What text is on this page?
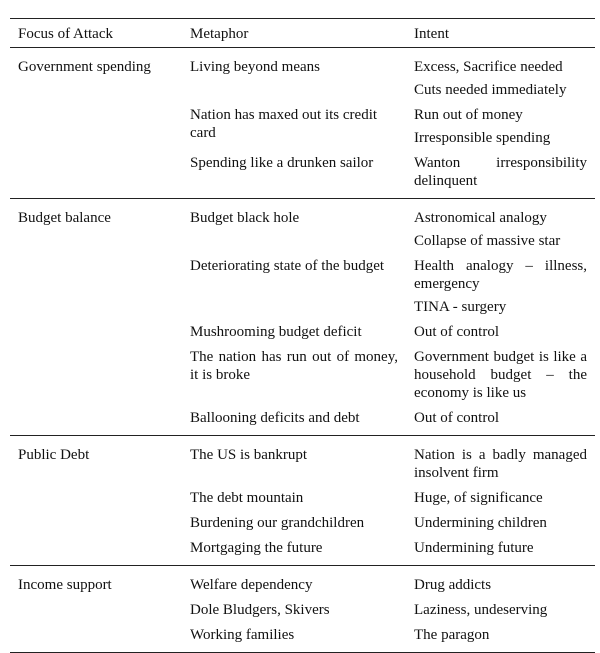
Focus of Attack	Metaphor	Intent
Government spending	Living beyond means	Excess, Sacrifice needed
Cuts needed immediately

	Nation has maxed out its credit card	Run out of money
Irresponsible spending

	Spending like a drunken sailor	Wanton irresponsibility delinquent

Budget balance	Budget black hole	Astronomical analogy
Collapse of massive star

	Deteriorating state of the budget	Health analogy – illness, emergency
TINA - surgery

	Mushrooming budget deficit	Out of control

	The nation has run out of money, it is broke	Government budget is like a household budget – the economy is like us

	Ballooning deficits and debt	Out of control

Public Debt	The US is bankrupt	Nation is a badly managed insolvent firm

	The debt mountain	Huge, of significance

	Burdening our grandchildren	Undermining children

	Mortgaging the future	Undermining future

Income support	Welfare dependency	Drug addicts

	Dole Bludgers, Skivers	Laziness, undeserving

	Working families	The paragon
